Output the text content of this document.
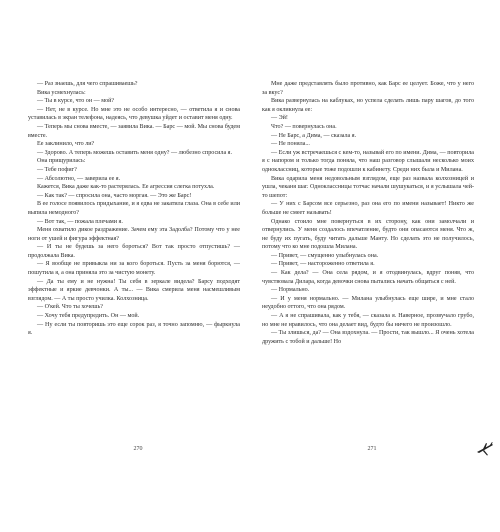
— Раз знаешь, для чего спрашиваешь?

Вика усмехнулась:

— Ты в курсе, что он — мой?

— Нет, не в курсе. Но мне это не особо интересно, — ответила я и снова уставилась в экран телефона, надеясь, что девушка уйдет и оставит меня одну.

— Теперь мы снова вместе, — заявила Вика. — Барс — мой. Мы снова будем вместе.

Ее заклинило, что ли?

— Здорово. А теперь можешь оставить меня одну? — любезно спросила я.

Она прищурилась:

— Тебе пофиг?

— Абсолютно, — заверила ее я.

Кажется, Вика даже как-то растерялась. Ее агрессия слегка потухла.

— Как так? — спросила она, часто моргая. — Это же Барс!

В ее голосе появилось придыхание, и я едва не закатила глаза. Она в себе или выпила немодного?

— Вот так, — пожала плечами я.

Меня охватило дикое раздражение. Зачем ему эта Задолба? Потому что у нее ноги от ушей и фигура эффектная?

— И ты не будешь за него бороться? Вот так просто отпустишь? — продолжала Вика.

— Я вообще не привыкла ни за кого бороться. Пусть за меня борются, — пошутила я, а она приняла это за чистую монету.

— Да ты ему и не нужна! Ты себя в зеркале видела? Барсу подходят эффектные и яркие девчонки. А ты... — Вика смерила меня насмешливым взглядом. — А ты просто училка. Колхозница.

— О'кей. Что ты хочешь?

— Хочу тебя предупредить. Он — мой.

— Ну если ты повторишь это еще сорок раз, я точно запомню, — фыркнула я.

Мне даже представлять было противно, как Барс ее целует. Боже, что у него за вкус?

Вика развернулась на каблуках, но успела сделать лишь пару шагов, до того как я окликнула ее:

— Эй!

Что? — повернулась она.

— Не Барс, а Дима, — сказала я.

— Не поняла...

— Если уж встречаешься с кем-то, называй его по имени. Дима, — повторила я с напором и только тогда поняла, что наш разговор слышали несколько моих одноклассниц, которые тоже подошли к кабинету. Среди них была и Милана.

Вика одарила меня недовольным взглядом, еще раз назвала колхозницей и ушла, чеканя шаг. Одноклассницы тотчас начали шушукаться, и я услышала чей-то шепот:

— У них с Барсом все серьезно, раз она его по имени называет! Никто же больше не смеет называть!

Однако стоило мне повернуться в их сторону, как они замолчали и отвернулись. У меня создалось впечатление, будто они опасаются меня. Что ж, не буду их пугать, буду читать дальше Манту. Но сделать это не получилось, потому что ко мне подошла Милана.

— Привет, — смущенно улыбнулась она.

— Привет, — настороженно ответила я.

— Как дела? — Она села рядом, и я отодвинулась, вдруг поняв, что чувствовала Дилара, когда девочки снова пытались начать общаться с ней.

— Нормально.

— И у меня нормально. — Милана улыбнулась еще шире, и мне стало неудобно оттого, что она рядом.

— А я не спрашивала, как у тебя, — сказала я. Наверное, прозвучало грубо, но мне не нравилось, что она делает вид, будто бы ничего не произошло.

— Ты злишься, да? — Она вздохнула. — Прости, так вышло... Я очень хотела дружить с тобой и дальше! Но

270	271
